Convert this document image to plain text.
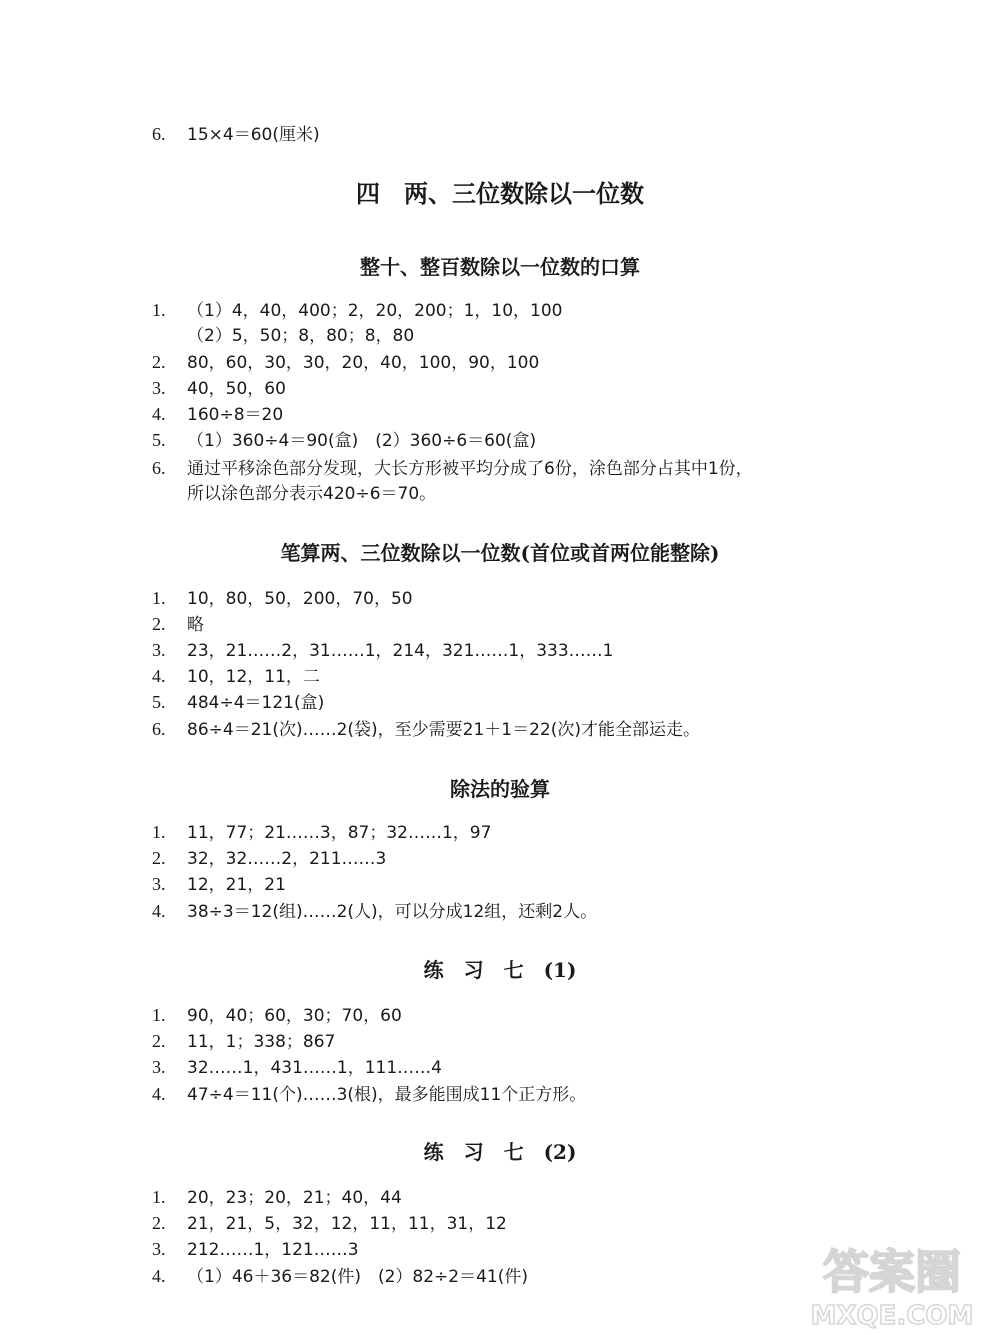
6. 15×4＝60(厘米)
四　两、三位数除以一位数
整十、整百数除以一位数的口算
1. （1）4，40，400；2，20，200；1，10，100
（2）5，50；8，80；8，80
2. 80，60，30，30，20，40，100，90，100
3. 40，50，60
4. 160÷8＝20
5. （1）360÷4＝90(盒)　(2）360÷6＝60(盒)
6. 通过平移涂色部分发现，大长方形被平均分成了6份，涂色部分占其中1份，
所以涂色部分表示420÷6＝70。
笔算两、三位数除以一位数(首位或首两位能整除)
1. 10，80，50，200，70，50
2. 略
3. 23，21……2，31……1，214，321……1，333……1
4. 10，12，11，二
5. 484÷4＝121(盒)
6. 86÷4＝21(次)……2(袋)，至少需要21＋1＝22(次)才能全部运走。
除法的验算
1. 11，77；21……3，87；32……1，97
2. 32，32……2，211……3
3. 12，21，21
4. 38÷3＝12(组)……2(人)，可以分成12组，还剩2人。
练　习　七　(1)
1. 90，40；60，30；70，60
2. 11，1；338；867
3. 32……1，431……1，111……4
4. 47÷4＝11(个)……3(根)，最多能围成11个正方形。
练　习　七　(2)
1. 20，23；20，21；40，44
2. 21，21，5，32，12，11，11，31，12
3. 212……1，121……3
4. （1）46＋36＝82(件)　(2）82÷2＝41(件)	答案圈
MXQE.COM
